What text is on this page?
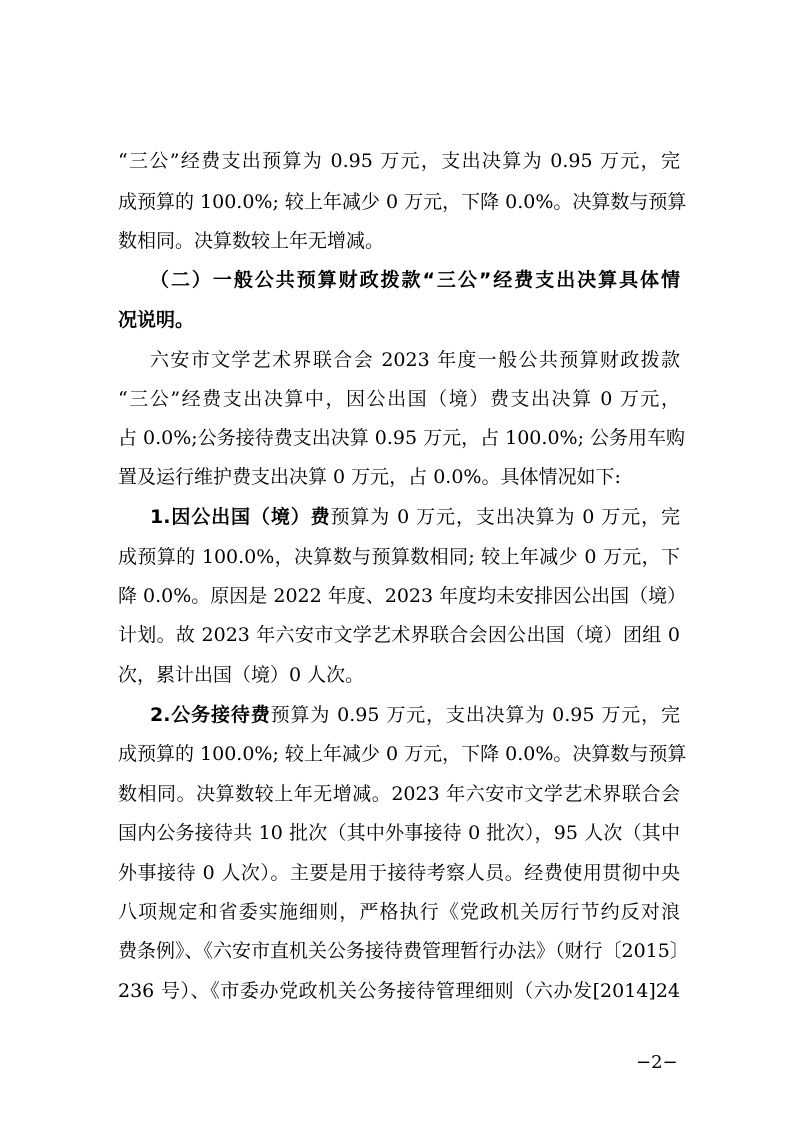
“三公”经费支出预算为 0.95 万元，支出决算为 0.95 万元，完
成预算的 100.0%; 较上年减少 0 万元，下降 0.0%。决算数与预算
数相同。决算数较上年无增减。
（二）一般公共预算财政拨款“三公”经费支出决算具体情
况说明。
六安市文学艺术界联合会 2023 年度一般公共预算财政拨款
“三公”经费支出决算中，因公出国（境）费支出决算 0 万元，
占 0.0%;公务接待费支出决算 0.95 万元，占 100.0%; 公务用车购
置及运行维护费支出决算 0 万元，占 0.0%。具体情况如下:
1.因公出国（境）费预算为 0 万元，支出决算为 0 万元，完
成预算的 100.0%，决算数与预算数相同; 较上年减少 0 万元，下
降 0.0%。原因是 2022 年度、2023 年度均未安排因公出国（境）
计划。故 2023 年六安市文学艺术界联合会因公出国（境）团组 0
次，累计出国（境）0 人次。
2.公务接待费预算为 0.95 万元，支出决算为 0.95 万元，完
成预算的 100.0%; 较上年减少 0 万元，下降 0.0%。决算数与预算
数相同。决算数较上年无增减。2023 年六安市文学艺术界联合会
国内公务接待共 10 批次（其中外事接待 0 批次），95 人次（其中
外事接待 0 人次）。主要是用于接待考察人员。经费使用贯彻中央
八项规定和省委实施细则，严格执行《党政机关厉行节约反对浪
费条例》、《六安市直机关公务接待费管理暂行办法》（财行〔2015〕
236 号）、《市委办党政机关公务接待管理细则（六办发[2014]24
−2−
